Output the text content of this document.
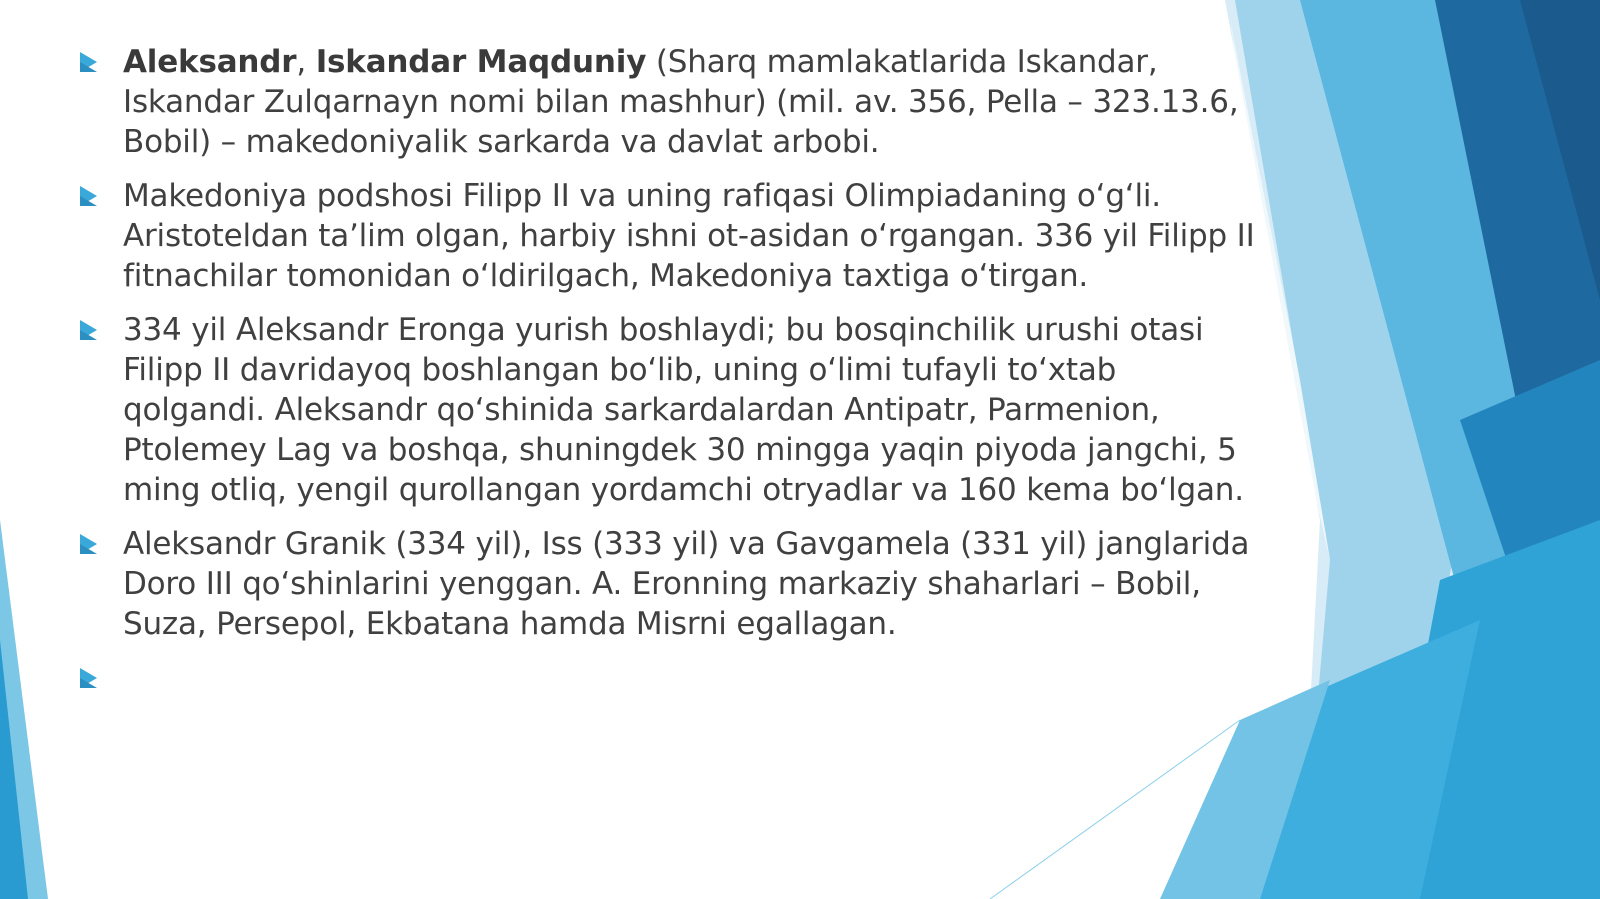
Aleksandr, Iskandar Maqduniy (Sharq mamlakatlarida Iskandar, Iskandar Zulqarnayn nomi bilan mashhur) (mil. av. 356, Pella – 323.13.6, Bobil) – makedoniyalik sarkarda va davlat arbobi.
Makedoniya podshosi Filipp II va uning rafiqasi Olimpiadaning oʻgʻli. Aristoteldan taʼlim olgan, harbiy ishni ot-asidan oʻrgangan. 336 yil Filipp II fitnachilar tomonidan oʻldirilgach, Makedoniya taxtiga oʻtirgan.
334 yil Aleksandr Eronga yurish boshlaydi; bu bosqinchilik urushi otasi Filipp II davridayoq boshlangan boʻlib, uning oʻlimi tufayli toʻxtab qolgandi. Aleksandr qoʻshinida sarkardalardan Antipatr, Parmenion, Ptolemey Lag va boshqa, shuningdek 30 mingga yaqin piyoda jangchi, 5 ming otliq, yengil qurollangan yordamchi otryadlar va 160 kema boʻlgan.
Aleksandr Granik (334 yil), Iss (333 yil) va Gavgamela (331 yil) janglarida Doro III qoʻshinlarini yenggan. A. Eronning markaziy shaharlari – Bobil, Suza, Persepol, Ekbatana hamda Misrni egallagan.
